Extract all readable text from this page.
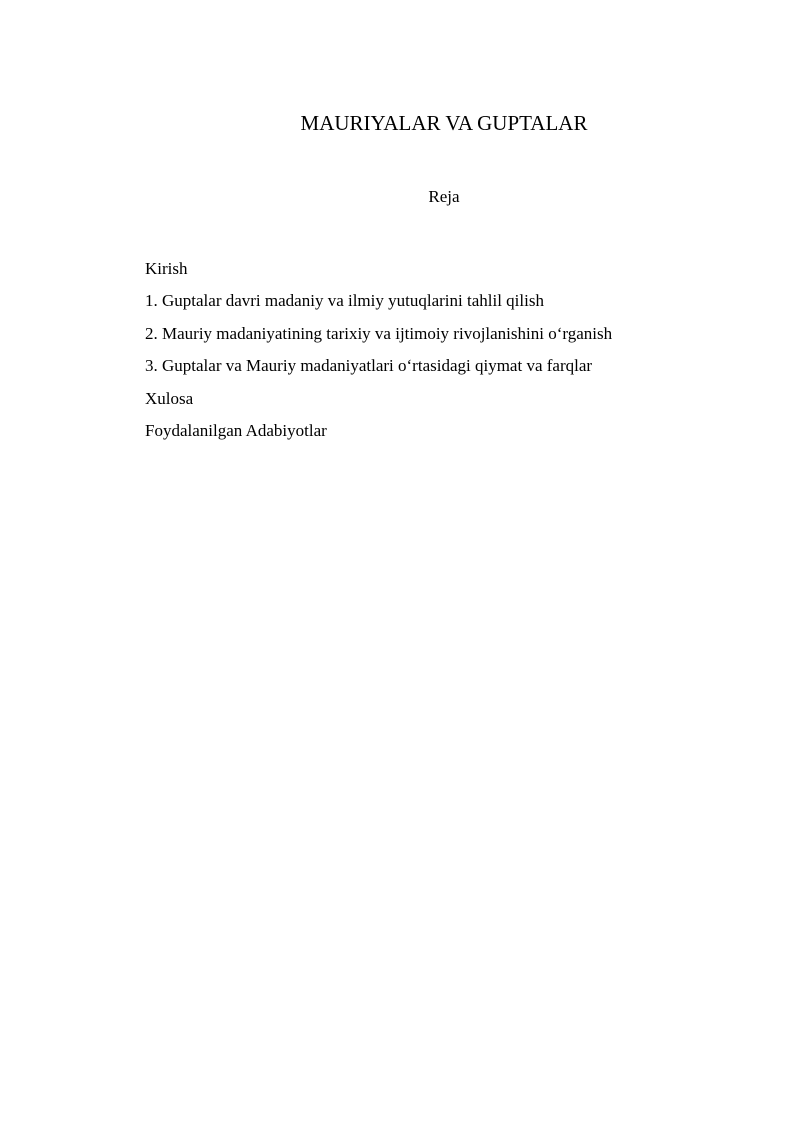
MAURIYALAR VA GUPTALAR
Reja
Kirish
1. Guptalar davri madaniy va ilmiy yutuqlarini tahlil qilish
2. Mauriy madaniyatining tarixiy va ijtimoiy rivojlanishini o‘rganish
3. Guptalar va Mauriy madaniyatlari o‘rtasidagi qiymat va farqlar
Xulosa
Foydalanilgan Adabiyotlar
